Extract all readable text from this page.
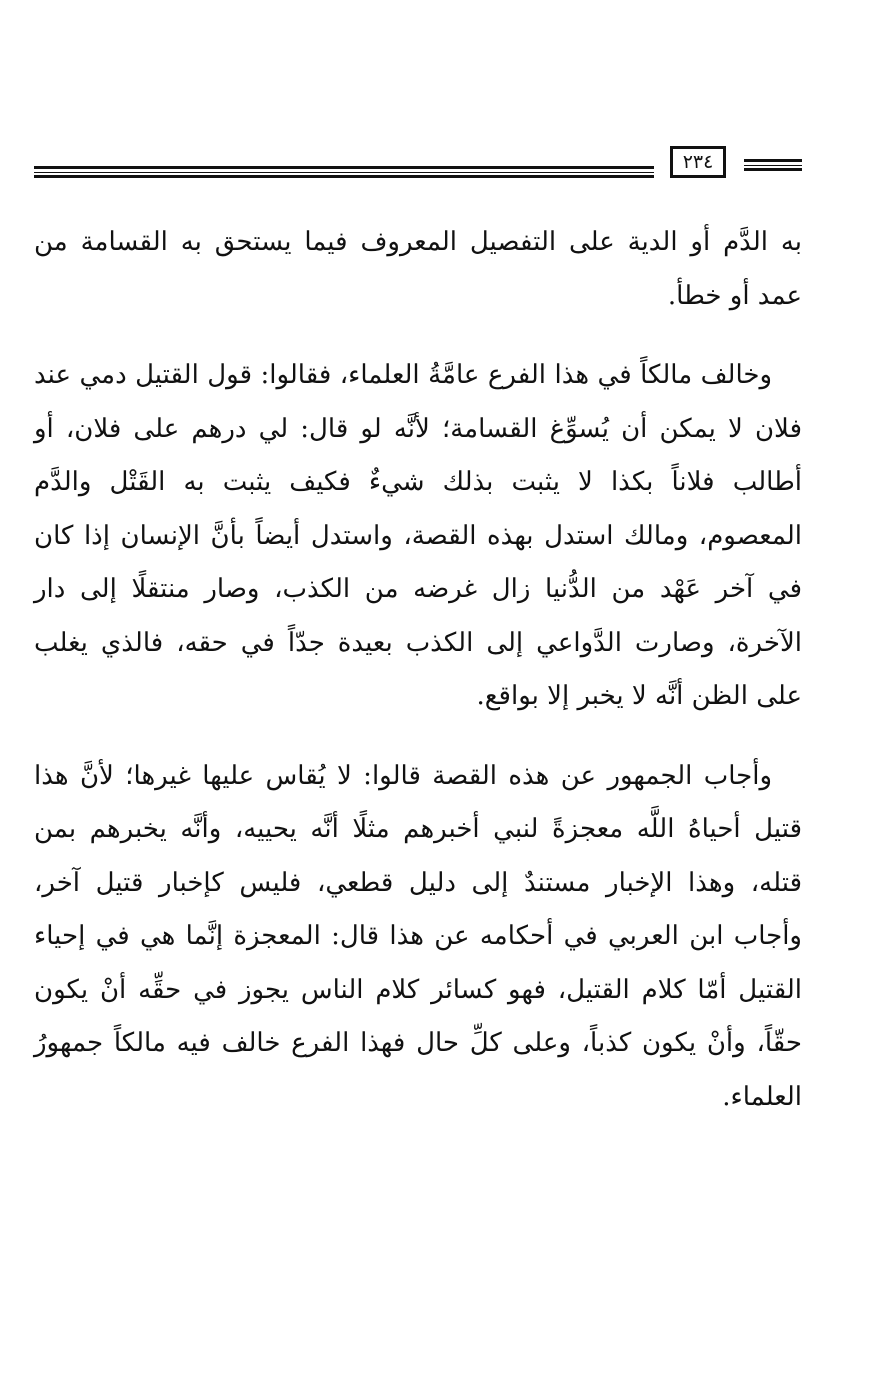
٢٣٤

به الدَّم أو الدية على التفصيل المعروف فيما يستحق به القسامة من عمد أو خطأ.

وخالف مالكاً في هذا الفرع عامَّةُ العلماء، فقالوا: قول القتيل دمي عند فلان لا يمكن أن يُسوِّغ القسامة؛ لأنَّه لو قال: لي درهم على فلان، أو أطالب فلاناً بكذا لا يثبت بذلك شيءٌ فكيف يثبت به القَتْل والدَّم المعصوم، ومالك استدل بهذه القصة، واستدل أيضاً بأنَّ الإنسان إذا كان في آخر عَهْد من الدُّنيا زال غرضه من الكذب، وصار منتقلًا إلى دار الآخرة، وصارت الدَّواعي إلى الكذب بعيدة جدّاً في حقه، فالذي يغلب على الظن أنَّه لا يخبر إلا بواقع.

وأجاب الجمهور عن هذه القصة قالوا: لا يُقاس عليها غيرها؛ لأنَّ هذا قتيل أحياهُ اللَّه معجزةً لنبي أخبرهم مثلًا أنَّه يحييه، وأنَّه يخبرهم بمن قتله، وهذا الإخبار مستندٌ إلى دليل قطعي، فليس كإخبار قتيل آخر، وأجاب ابن العربي في أحكامه عن هذا قال: المعجزة إنَّما هي في إحياء القتيل أمّا كلام القتيل، فهو كسائر كلام الناس يجوز في حقِّه أنْ يكون حقّاً، وأنْ يكون كذباً، وعلى كلِّ حال فهذا الفرع خالف فيه مالكاً جمهورُ العلماء.
